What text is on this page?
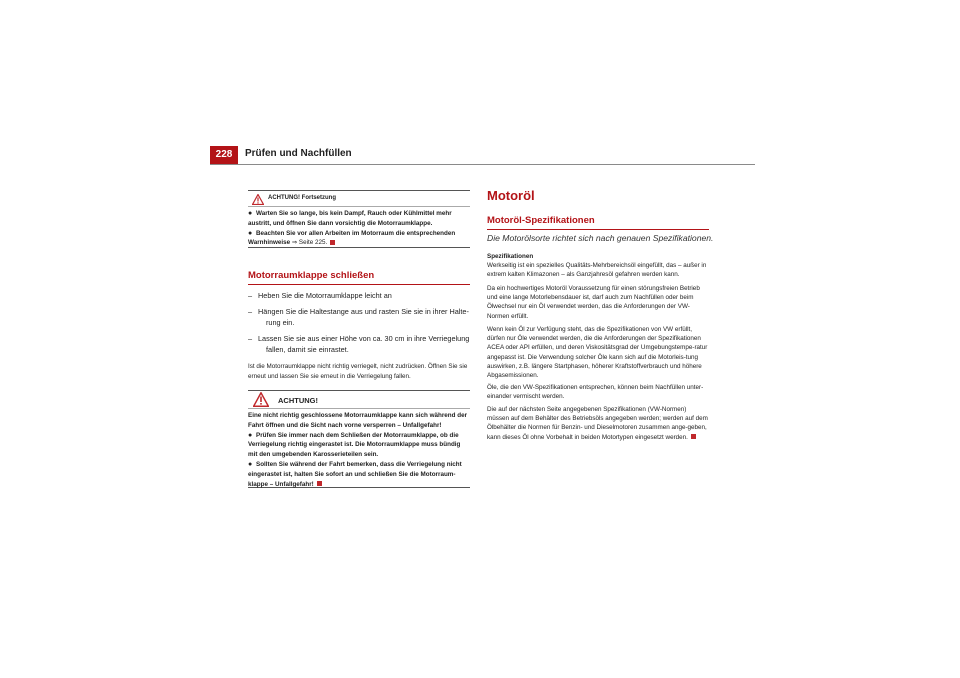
228	Prüfen und Nachfüllen
ACHTUNG! Fortsetzung
● Warten Sie so lange, bis kein Dampf, Rauch oder Kühlmittel mehr austritt, und öffnen Sie dann vorsichtig die Motorraumklappe.
● Beachten Sie vor allen Arbeiten im Motorraum die entsprechenden Warnhinweise ⇒ Seite 225.
Motorraumklappe schließen
– Heben Sie die Motorraumklappe leicht an
– Hängen Sie die Haltestange aus und rasten Sie sie in ihrer Halte-
rung ein.
– Lassen Sie sie aus einer Höhe von ca. 30 cm in ihre Verriegelung
fallen, damit sie einrastet.
Ist die Motorraumklappe nicht richtig verriegelt, nicht zudrücken. Öffnen Sie sie erneut und lassen Sie sie erneut in die Verriegelung fallen.
ACHTUNG!
Eine nicht richtig geschlossene Motorraumklappe kann sich während der Fahrt öffnen und die Sicht nach vorne versperren – Unfallgefahr!
● Prüfen Sie immer nach dem Schließen der Motorraumklappe, ob die Verriegelung richtig eingerastet ist. Die Motorraumklappe muss bündig mit den umgebenden Karosserieteilen sein.
● Sollten Sie während der Fahrt bemerken, dass die Verriegelung nicht eingerastet ist, halten Sie sofort an und schließen Sie die Motorraum-klappe – Unfallgefahr!
Motoröl
Motoröl-Spezifikationen
Die Motorölsorte richtet sich nach genauen Spezifikationen.
Spezifikationen
Werkseitig ist ein spezielles Qualitäts-Mehrbereichsöl eingefüllt, das – außer in extrem kalten Klimazonen – als Ganzjahresöl gefahren werden kann.
Da ein hochwertiges Motoröl Voraussetzung für einen störungsfreien Betrieb und eine lange Motorlebensdauer ist, darf auch zum Nachfüllen oder beim Ölwechsel nur ein Öl verwendet werden, das die Anforderungen der VW-Normen erfüllt.
Wenn kein Öl zur Verfügung steht, das die Spezifikationen von VW erfüllt, dürfen nur Öle verwendet werden, die die Anforderungen der Spezifikationen ACEA oder API erfüllen, und deren Viskositätsgrad der Umgebungstempe-ratur angepasst ist. Die Verwendung solcher Öle kann sich auf die Motorleis-tung auswirken, z.B. längere Startphasen, höherer Kraftstoffverbrauch und höhere Abgasemissionen.
Öle, die den VW-Spezifikationen entsprechen, können beim Nachfüllen unter-einander vermischt werden.
Die auf der nächsten Seite angegebenen Spezifikationen (VW-Normen) müssen auf dem Behälter des Betriebsöls angegeben werden; werden auf dem Ölbehälter die Normen für Benzin- und Dieselmotoren zusammen ange-geben, kann dieses Öl ohne Vorbehalt in beiden Motortypen eingesetzt werden.
